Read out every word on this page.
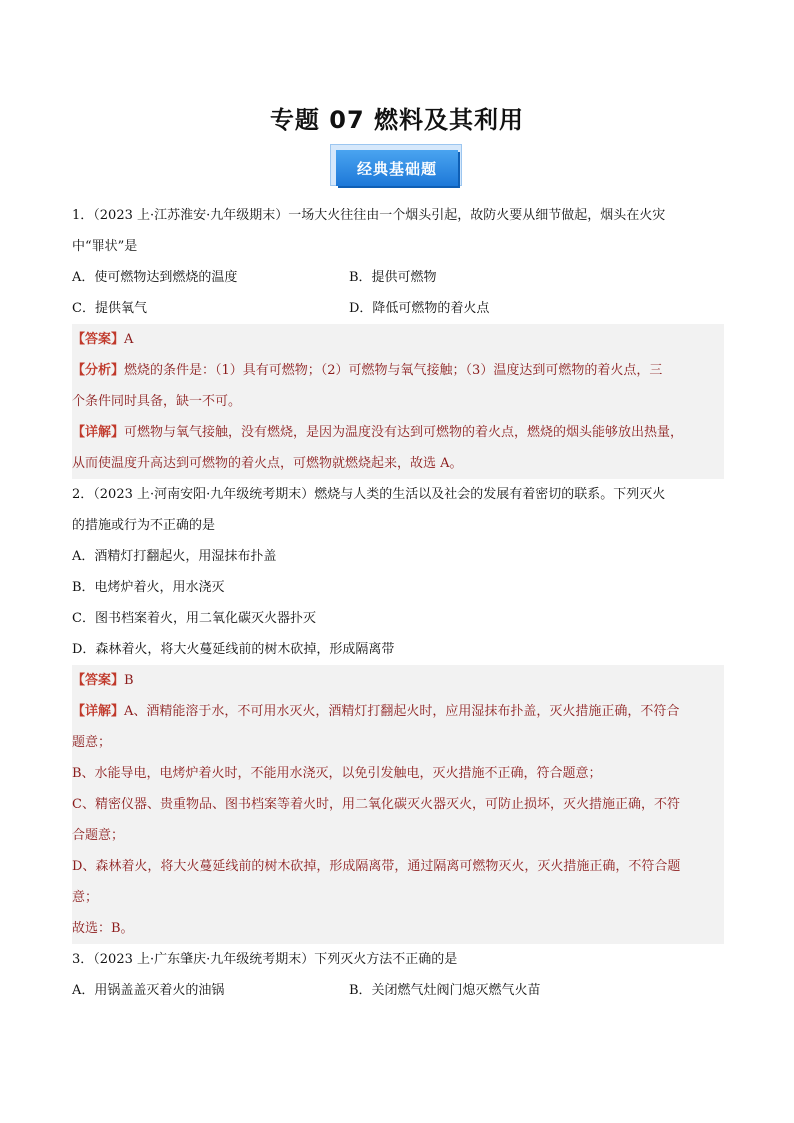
专题 07 燃料及其利用
经典基础题
1．（2023 上·江苏淮安·九年级期末）一场大火往往由一个烟头引起，故防火要从细节做起，烟头在火灾
中“罪状”是
A．使可燃物达到燃烧的温度	B．提供可燃物
C．提供氧气	D．降低可燃物的着火点
【答案】A
【分析】燃烧的条件是：（1）具有可燃物；（2）可燃物与氧气接触；（3）温度达到可燃物的着火点，三
个条件同时具备，缺一不可。
【详解】可燃物与氧气接触，没有燃烧，是因为温度没有达到可燃物的着火点，燃烧的烟头能够放出热量，
从而使温度升高达到可燃物的着火点，可燃物就燃烧起来，故选 A。
2．（2023 上·河南安阳·九年级统考期末）燃烧与人类的生活以及社会的发展有着密切的联系。下列灭火
的措施或行为不正确的是
A．酒精灯打翻起火，用湿抹布扑盖
B．电烤炉着火，用水浇灭
C．图书档案着火，用二氧化碳灭火器扑灭
D．森林着火，将大火蔓延线前的树木砍掉，形成隔离带
【答案】B
【详解】A、酒精能溶于水，不可用水灭火，酒精灯打翻起火时，应用湿抹布扑盖，灭火措施正确，不符合
题意；
B、水能导电，电烤炉着火时，不能用水浇灭，以免引发触电，灭火措施不正确，符合题意；
C、精密仪器、贵重物品、图书档案等着火时，用二氧化碳灭火器灭火，可防止损坏，灭火措施正确，不符
合题意；
D、森林着火，将大火蔓延线前的树木砍掉，形成隔离带，通过隔离可燃物灭火，灭火措施正确，不符合题
意；
故选：B。
3．（2023 上·广东肇庆·九年级统考期末）下列灭火方法不正确的是
A．用锅盖盖灭着火的油锅	B．关闭燃气灶阀门熄灭燃气火苗
